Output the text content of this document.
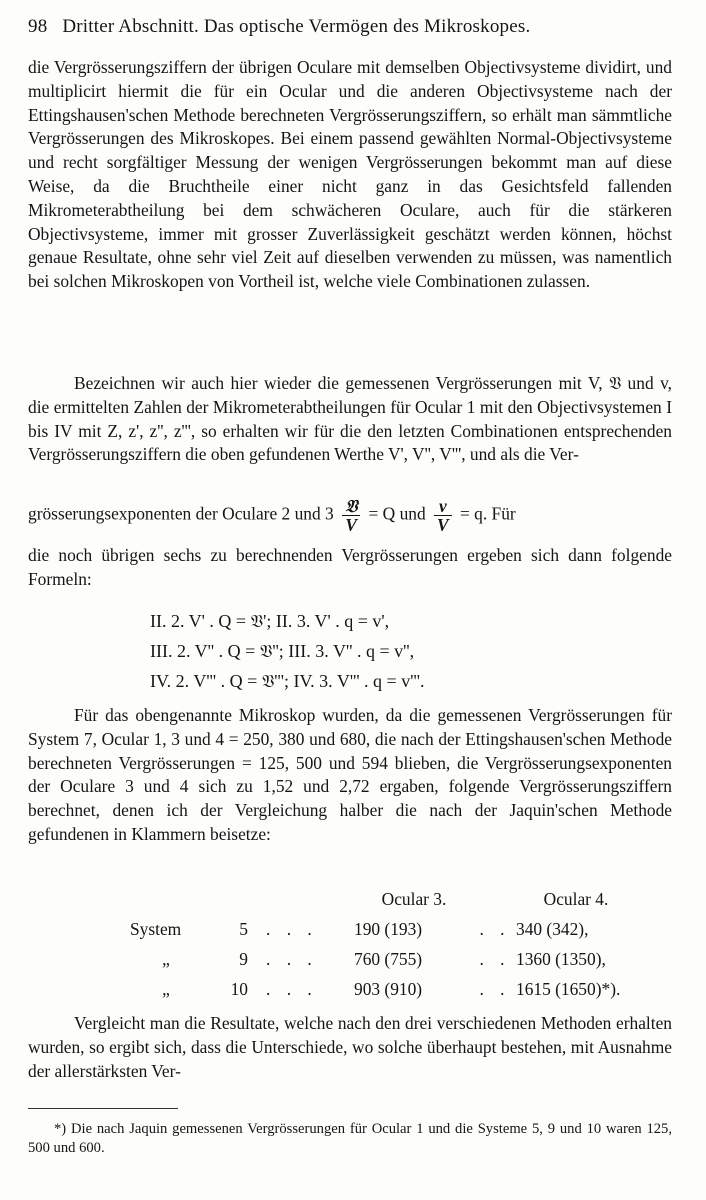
98 Dritter Abschnitt. Das optische Vermögen des Mikroskopes.

die Vergrösserungsziffern der übrigen Oculare mit demselben Objectivsysteme dividirt, und multiplicirt hiermit die für ein Ocular und die anderen Objectivsysteme nach der Ettingshausen'schen Methode berechneten Vergrösserungsziffern, so erhält man sämmtliche Vergrösserungen des Mikroskopes. Bei einem passend gewählten Normal-Objectivsysteme und recht sorgfältiger Messung der wenigen Vergrösserungen bekommt man auf diese Weise, da die Bruchtheile einer nicht ganz in das Gesichtsfeld fallenden Mikrometerabtheilung bei dem schwächeren Oculare, auch für die stärkeren Objectivsysteme, immer mit grosser Zuverlässigkeit geschätzt werden können, höchst genaue Resultate, ohne sehr viel Zeit auf dieselben verwenden zu müssen, was namentlich bei solchen Mikroskopen von Vortheil ist, welche viele Combinationen zulassen.

Bezeichnen wir auch hier wieder die gemessenen Vergrösserungen mit V, 𝔙 und v, die ermittelten Zahlen der Mikrometerabtheilungen für Ocular 1 mit den Objectivsystemen I bis IV mit Z, z', z'', z''', so erhalten wir für die den letzten Combinationen entsprechenden Vergrösserungsziffern die oben gefundenen Werthe V', V'', V''', und als die Ver-

grösserungsexponenten der Oculare 2 und $3 \frac{\text{𝔙}}{V} = Q$ und $\frac{v}{V} = q$. Für

die noch übrigen sechs zu berechnenden Vergrösserungen ergeben sich dann folgende Formeln:

II. 2. V' . Q = 𝔙'; II. 3. V' . q = v',
III. 2. V'' . Q = 𝔙''; III. 3. V'' . q = v'',
IV. 2. V''' . Q = 𝔙'''; IV. 3. V''' . q = v'''.

Für das obengenannte Mikroskop wurden, da die gemessenen Vergrösserungen für System 7, Ocular 1, 3 und 4 = 250, 380 und 680, die nach der Ettingshausen'schen Methode berechneten Vergrösserungen = 125, 500 und 594 blieben, die Vergrösserungsexponenten der Oculare 3 und 4 sich zu 1,52 und 2,72 ergaben, folgende Vergrösserungsziffern berechnet, denen ich der Vergleichung halber die nach der Jaquin'schen Methode gefundenen in Klammern beisetze:

			Ocular 3.		Ocular 4.
System	5	. . .	190 (193)	. .	340 (342),
„	9	. . .	760 (755)	. .	1360 (1350),
„	10	. . .	903 (910)	. .	1615 (1650)*).

Vergleicht man die Resultate, welche nach den drei verschiedenen Methoden erhalten wurden, so ergibt sich, dass die Unterschiede, wo solche überhaupt bestehen, mit Ausnahme der allerstärksten Ver-

*) Die nach Jaquin gemessenen Vergrösserungen für Ocular 1 und die Systeme 5, 9 und 10 waren 125, 500 und 600.
